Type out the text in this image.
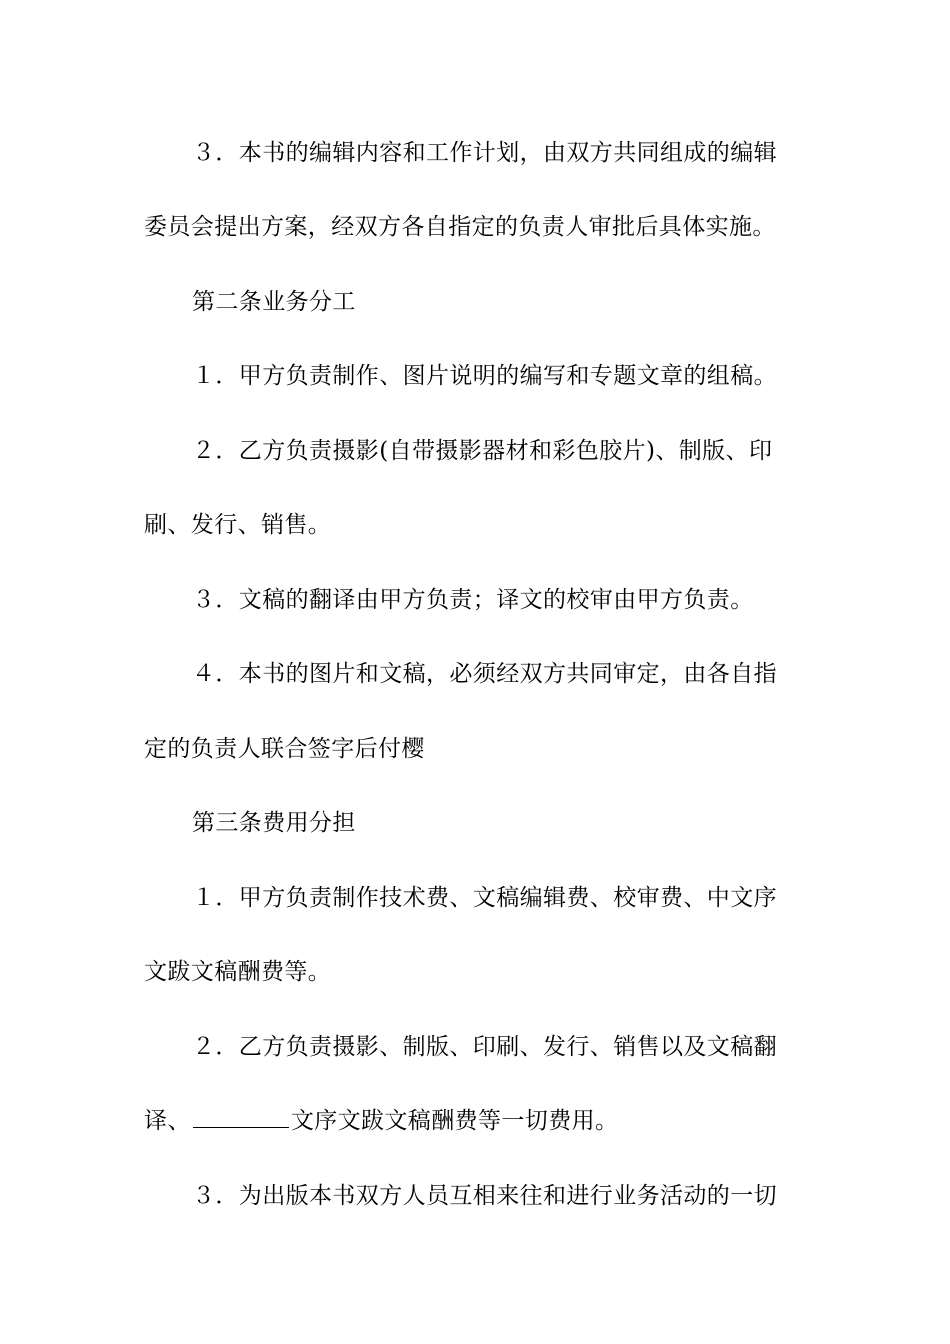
３．本书的编辑内容和工作计划，由双方共同组成的编辑
委员会提出方案，经双方各自指定的负责人审批后具体实施。
第二条业务分工
１．甲方负责制作、图片说明的编写和专题文章的组稿。
２．乙方负责摄影(自带摄影器材和彩色胶片)、制版、印
刷、发行、销售。
３．文稿的翻译由甲方负责；译文的校审由甲方负责。
４．本书的图片和文稿，必须经双方共同审定，由各自指
定的负责人联合签字后付樱
第三条费用分担
１．甲方负责制作技术费、文稿编辑费、校审费、中文序
文跋文稿酬费等。
２．乙方负责摄影、制版、印刷、发行、销售以及文稿翻
译、	文序文跋文稿酬费等一切费用。
３．为出版本书双方人员互相来往和进行业务活动的一切
